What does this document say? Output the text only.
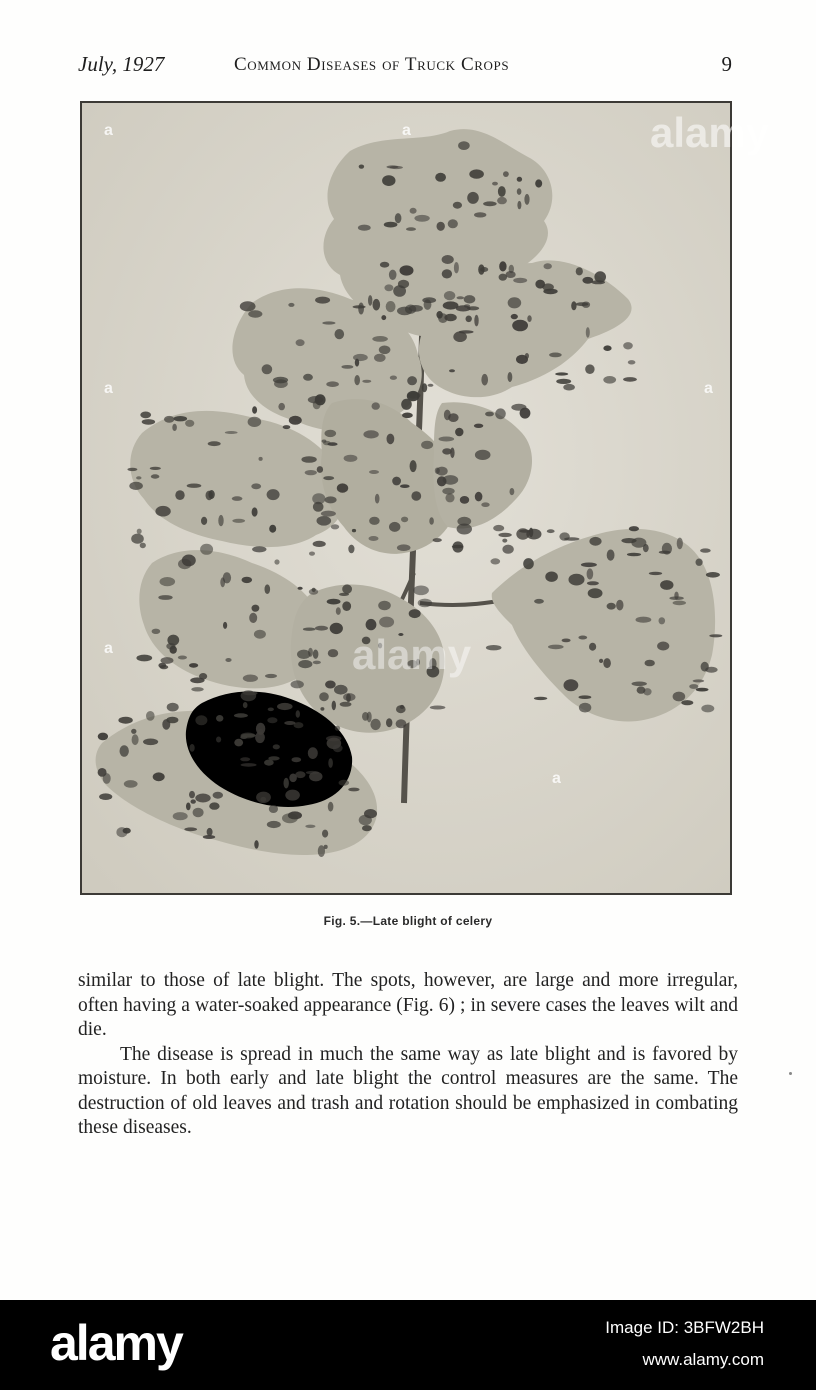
July, 1927	Common Diseases of Truck Crops	9
a	a
a	a
a
a
alamy
alamy
Fig. 5.—Late blight of celery

similar to those of late blight. The spots, however, are large and more irregular, often having a water-soaked appearance (Fig. 6) ; in severe cases the leaves wilt and die.

The disease is spread in much the same way as late blight and is favored by moisture. In both early and late blight the control measures are the same. The destruction of old leaves and trash and rotation should be emphasized in combating these diseases.

alamy	Image ID: 3BFW2BH
www.alamy.com
